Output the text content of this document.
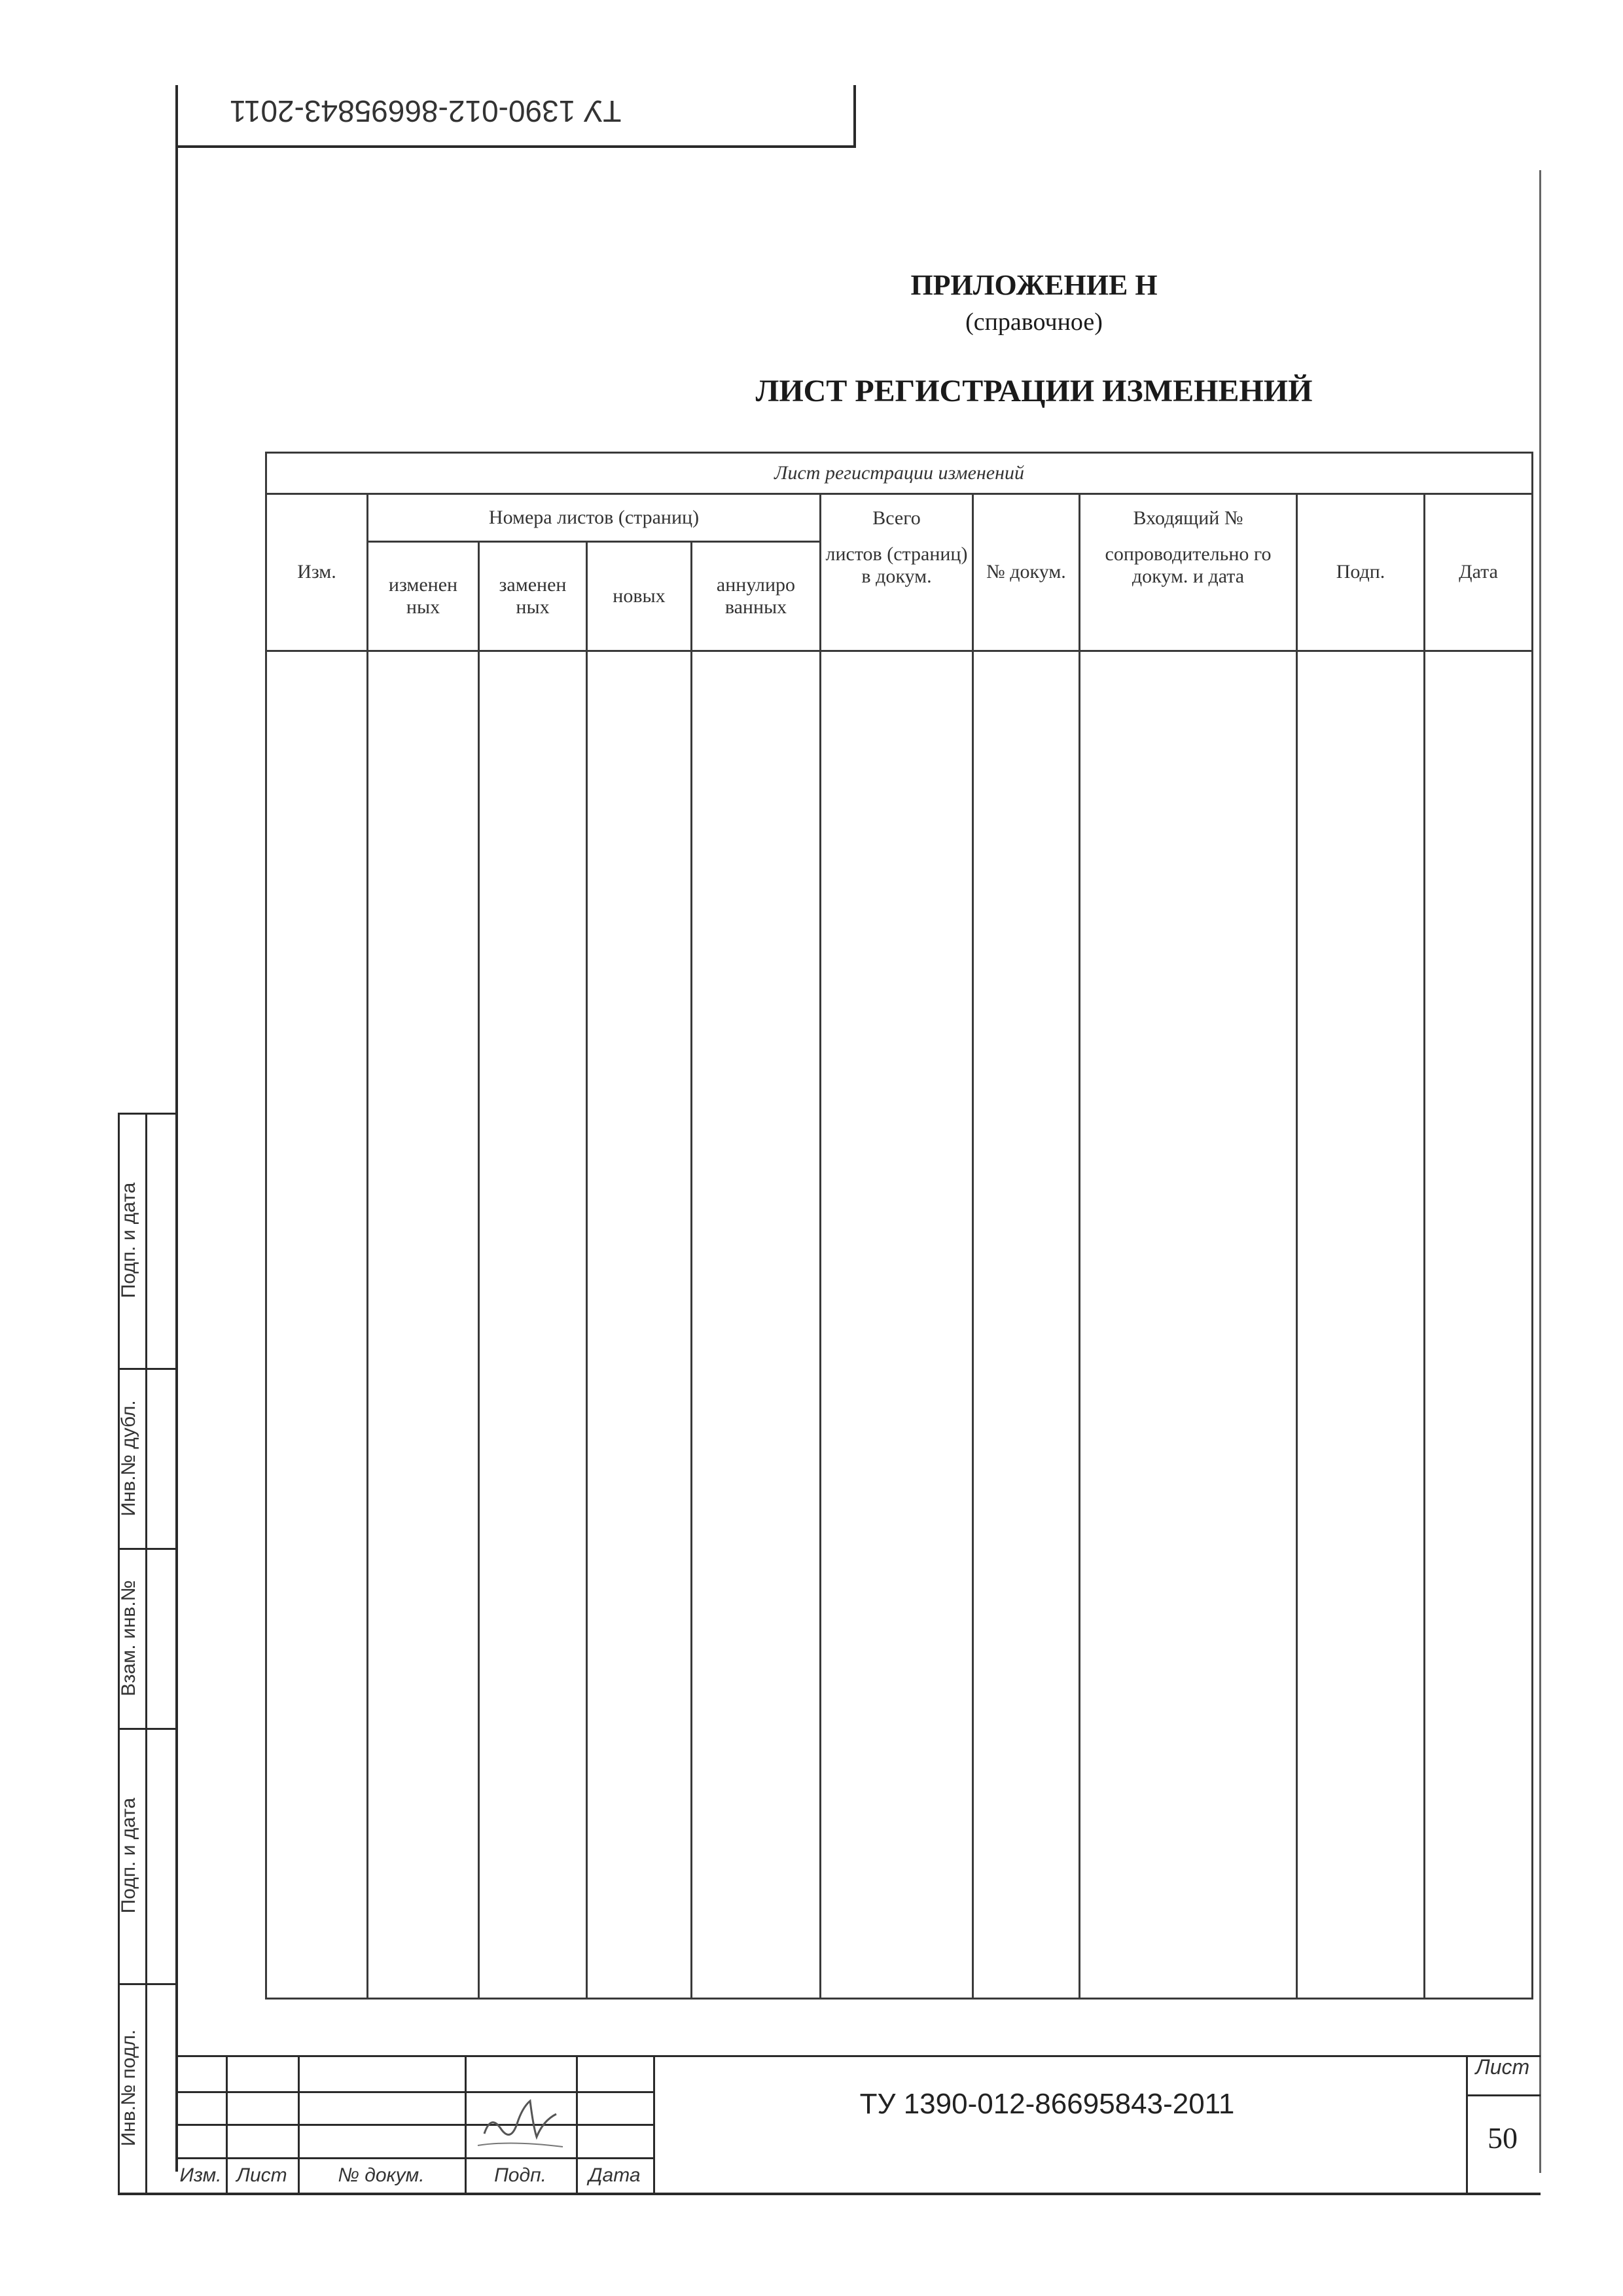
ТУ 1390-012-86695843-2011
ПРИЛОЖЕНИЕ Н
(справочное)
ЛИСТ РЕГИСТРАЦИИ ИЗМЕНЕНИЙ
Лист регистрации изменений									
Изм.	Номера листов (страниц)				Всего	№ докум.	Входящий №	Подп.	Дата
	изменен ных	заменен ных	новых	аннулиро ванных	листов (страниц) в докум.		сопроводительно го докум. и дата		

Подп. и дата
Инв.№ дубл.
Взам. инв.№
Подп. и дата
Инв.№ подл.
Изм. Лист	№ докум.	Подп.	Дата
ТУ 1390-012-86695843-2011
Лист
50
